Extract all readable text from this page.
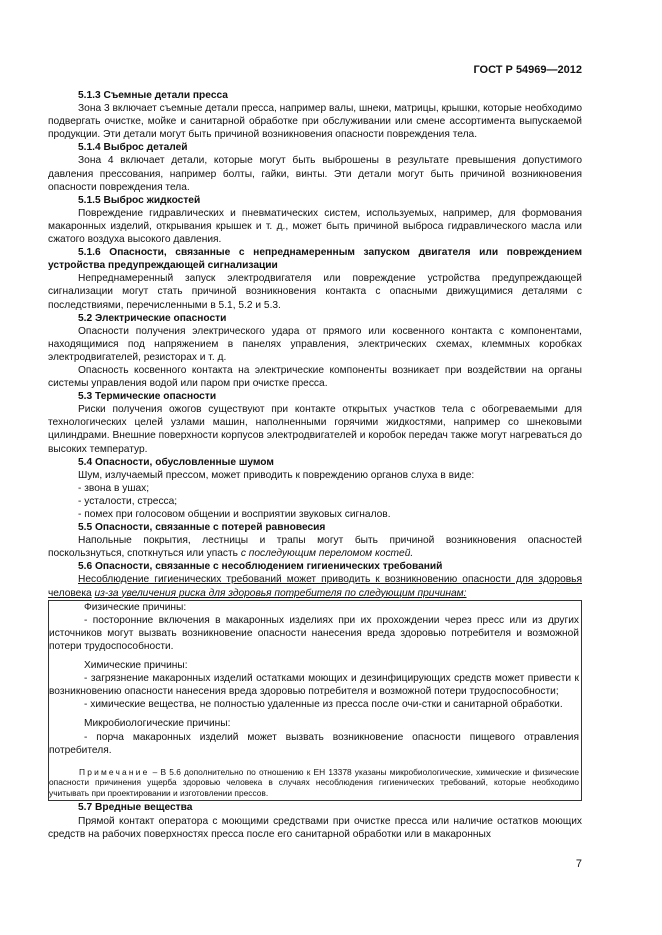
ГОСТ Р 54969—2012
5.1.3 Съемные детали пресса

Зона 3 включает съемные детали пресса, например валы, шнеки, матрицы, крышки, которые необходимо подвергать очистке, мойке и санитарной обработке при обслуживании или смене ассортимента выпускаемой продукции. Эти детали могут быть причиной возникновения опасности повреждения тела.

5.1.4 Выброс деталей

Зона 4 включает детали, которые могут быть выброшены в результате превышения допустимого давления прессования, например болты, гайки, винты. Эти детали могут быть причиной возникновения опасности повреждения тела.

5.1.5 Выброс жидкостей

Повреждение гидравлических и пневматических систем, используемых, например, для формования макаронных изделий, открывания крышек и т. д., может быть причиной выброса гидравлического масла или сжатого воздуха высокого давления.

5.1.6 Опасности, связанные с непреднамеренным запуском двигателя или повреждением устройства предупреждающей сигнализации

Непреднамеренный запуск электродвигателя или повреждение устройства предупреждающей сигнализации могут стать причиной возникновения контакта с опасными движущимися деталями с последствиями, перечисленными в 5.1, 5.2 и 5.3.

5.2 Электрические опасности

Опасности получения электрического удара от прямого или косвенного контакта с компонентами, находящимися под напряжением в панелях управления, электрических схемах, клеммных коробках электродвигателей, резисторах и т. д.

Опасность косвенного контакта на электрические компоненты возникает при воздействии на органы системы управления водой или паром при очистке пресса.

5.3 Термические опасности

Риски получения ожогов существуют при контакте открытых участков тела с обогреваемыми для технологических целей узлами машин, наполненными горячими жидкостями, например со шнековыми цилиндрами. Внешние поверхности корпусов электродвигателей и коробок передач также могут нагреваться до высоких температур.

5.4 Опасности, обусловленные шумом

Шум, излучаемый прессом, может приводить к повреждению органов слуха в виде:

- звона в ушах;
- усталости, стресса;
- помех при голосовом общении и восприятии звуковых сигналов.
5.5 Опасности, связанные с потерей равновесия

Напольные покрытия, лестницы и трапы могут быть причиной возникновения опасностей поскользнуться, споткнуться или упасть с последующим переломом костей.

5.6 Опасности, связанные с несоблюдением гигиенических требований

Несоблюдение гигиенических требований может приводить к возникновению опасности для здоровья человека из-за увеличения риска для здоровья потребителя по следующим причинам:

Физические причины:

- посторонние включения в макаронных изделиях при их прохождении через пресс или из других источников могут вызвать возникновение опасности нанесения вреда здоровью потребителя и возможной потери трудоспособности.

Химические причины:

- загрязнение макаронных изделий остатками моющих и дезинфицирующих средств может привести к возникновению опасности нанесения вреда здоровью потребителя и возможной потери трудоспособности;

- химические вещества, не полностью удаленные из пресса после очи-стки и санитарной обработки.

Микробиологические причины:

- порча макаронных изделий может вызвать возникновение опасности пищевого отравления потребителя.

Примечание – В 5.6 дополнительно по отношению к ЕН 13378 указаны микробиологические, химические и физические опасности причинения ущерба здоровью человека в случаях несоблюдения гигиенических требований, которые необходимо учитывать при проектировании и изготовлении прессов.

5.7 Вредные вещества

Прямой контакт оператора с моющими средствами при очистке пресса или наличие остатков моющих средств на рабочих поверхностях пресса после его санитарной обработки или в макаронных

7
